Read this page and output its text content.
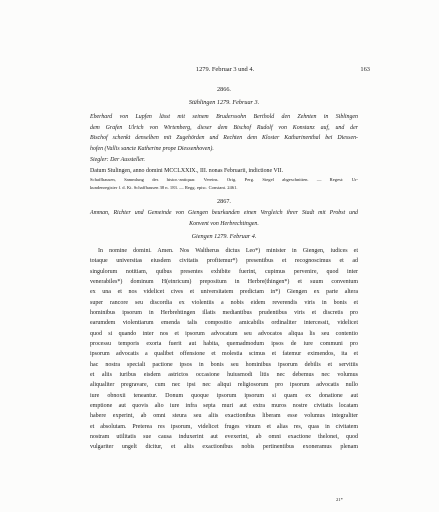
1279. Februar 3 und 4.	163
2866.
Stühlingen 1279. Februar 3.
Eberhard von Lupfen lässt mit seinem Bruderssohn Berthold den Zehnten in Siblingen
dem Grafen Ulrich von Wirtenberg, dieser dem Bischof Rudolf von Konstanz auf, und der
Bischof schenkt denselben mit Zugehörden und Rechten dem Kloster Katharinenthal bei Diessen-
hofen (Vallis sancte Katherine prope Diessenhoven).
Siegler: Der Aussteller.
Datum Stulingen, anno domini MCCLXXIX., III. nonas Februarii, indictione VII.
Schaffhausen, Sammlung des histor.-antiquar. Vereins. Orig. Perg. Siegel abgeschnitten. — Regest: Ur-
kundenregister f. d. Kt. Schaffhausen 38 n. 183. — Regg. episc. Constant. 2461.
2867.
Amman, Richter und Gemeinde von Giengen beurkunden einen Vergleich ihrer Stadt mit Probst und
Konvent von Herbrechtingen.
Giengen 1279. Februar 4.
In nomine domini. Amen. Nos Waltherus dictus Leo*) minister in Giengen, iudices et
totaque universitas eiusdem civitatis profitemur*) presentibus et recognoscimus et ad
singulorum notitiam, quibus presentes exhibite fuerint, cupimus pervenire, quod inter
venerabiles*) dominum H(einricum) prepositum in Herbre(thingen*) et suum conventum
ex una et nos videlicet cives et universitatem predictam in*) Giengen ex parte altera
super rancore seu discordia ex violentiis a nobis eidem reverendis viris in bonis et
hominibus ipsorum in Herbrehtingen illatis mediantibus prudentibus viris et discretis pro
earumdem violentiarum emenda talis compositio amicabilis ordinaliter intercessit, videlicet
quod si quando inter nos et ipsorum advocatum seu advocatos aliqua lis seu contentio
processu temporis exorta fuerit aut habita, quemadmodum ipsos de iure communi pro
ipsorum advocatis a qualibet offensione et molestia scimus et fatemur eximendos, ita et
hac nostra speciali pactione ipsos in bonis seu hominibus ipsorum debilis et servitiis
et aliis iuribus eisdem astrictos occasione huiusmodi litis nec debemus nec volumus
aliqualiter pregravare, cum nec ipsi nec aliqui religiosorum pro ipsorum advocatis nullo
iure obnoxii teneantur. Donum quoque ipsorum ipsorum si quam ex donatione aut
emptione aut quovis alio iure infra septa muri aut extra muros nostre civitatis locatam
habere experint, ab omni steura seu aliis exactionibus liberam esse volumus integraliter
et absolutam. Preterea res ipsorum, videlicet fruges vinum et alias res, quas in civitatem
nostram utilitatis sue causa induxerint aut evexerint, ab omni exactione thelonei, quod
vulgariter ungelt dicitur, et aliis exactionibus nobis pertinentibus exoneramus plenam
21*
